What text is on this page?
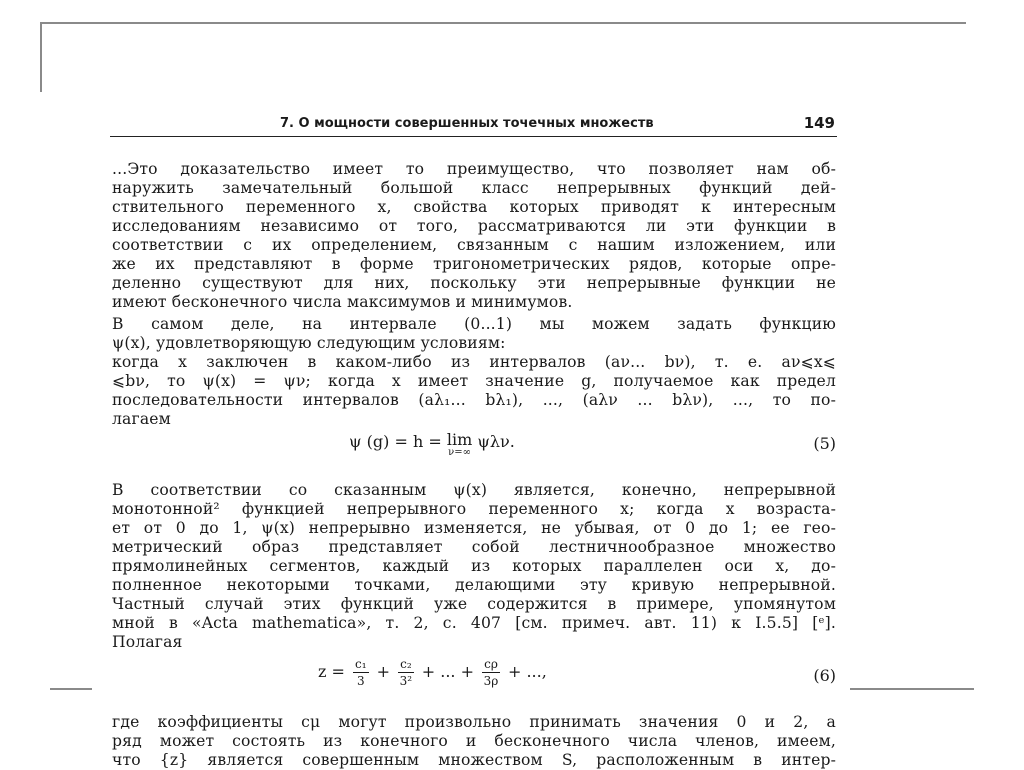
7. О мощности совершенных точечных множеств	149
...Это доказательство имеет то преимущество, что позволяет нам об-
наружить замечательный большой класс непрерывных функций дей-
ствительного переменного x, свойства которых приводят к интересным
исследованиям независимо от того, рассматриваются ли эти функции в
соответствии с их определением, связанным с нашим изложением, или
же их представляют в форме тригонометрических рядов, которые опре-
деленно существуют для них, поскольку эти непрерывные функции не
имеют бесконечного числа максимумов и минимумов.
В самом деле, на интервале (0...1) мы можем задать функцию
ψ(x), удовлетворяющую следующим условиям:
когда x заключен в каком-либо из интервалов (aν... bν), т. е. aν⩽x⩽
⩽bν, то ψ(x) = ψν; когда x имеет значение g, получаемое как предел
последовательности интервалов (aλ₁... bλ₁), ..., (aλν ... bλν), ..., то по-
лагаем
ψ (g) = h = lim
ν=∞
ψλν.	(5)
В соответствии со сказанным ψ(x) является, конечно, непрерывной
монотонной² функцией непрерывного переменного x; когда x возраста-
ет от 0 до 1, ψ(x) непрерывно изменяется, не убывая, от 0 до 1; ее гео-
метрический образ представляет собой лестничнообразное множество
прямолинейных сегментов, каждый из которых параллелен оси x, до-
полненное некоторыми точками, делающими эту кривую непрерывной.
Частный случай этих функций уже содержится в примере, упомянутом
мной в «Acta mathematica», т. 2, с. 407 [см. примеч. авт. 11) к I.5.5] [ᵉ].
Полагая
$z = \frac{\text{c₁}}{3} + \frac{\text{c₂}}{\text{3²}}$ + ... + $\frac{c\rho}{3\rho}$ + ...,	(6)
где коэффициенты cμ могут произвольно принимать значения 0 и 2, а
ряд может состоять из конечного и бесконечного числа членов, имеем,
что {z} является совершенным множеством S, расположенным в интер-
